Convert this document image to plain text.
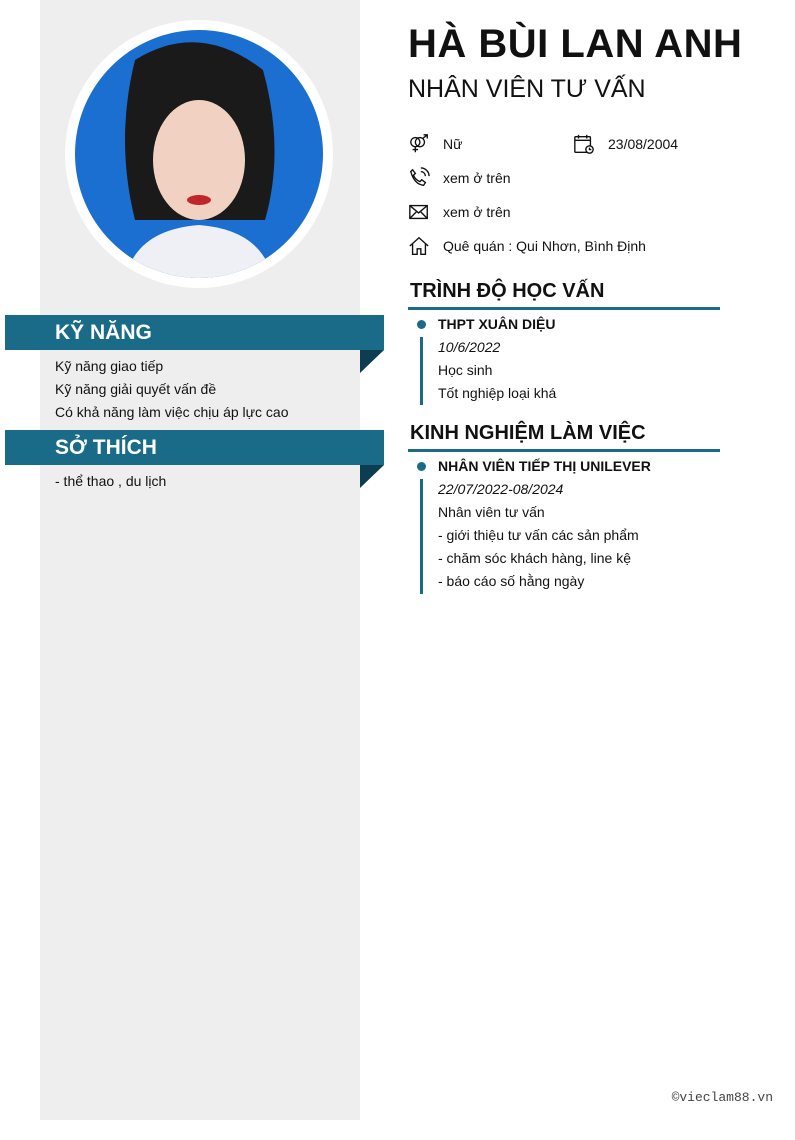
KỸ NĂNG
Kỹ năng giao tiếp
Kỹ năng giải quyết vấn đề
Có khả năng làm việc chịu áp lực cao
SỞ THÍCH
- thể thao , du lịch
HÀ BÙI LAN ANH
NHÂN VIÊN TƯ VẤN
Nữ	23/08/2004
xem ở trên
xem ở trên
Quê quán : Qui Nhơn, Bình Định
TRÌNH ĐỘ HỌC VẤN
THPT XUÂN DIỆU
10/6/2022
Học sinh
Tốt nghiệp loại khá
KINH NGHIỆM LÀM VIỆC
NHÂN VIÊN TIẾP THỊ UNILEVER
22/07/2022-08/2024
Nhân viên tư vấn
- giới thiệu tư vấn các sản phẩm
- chăm sóc khách hàng, line kệ
- báo cáo số hằng ngày
©vieclam88.vn
